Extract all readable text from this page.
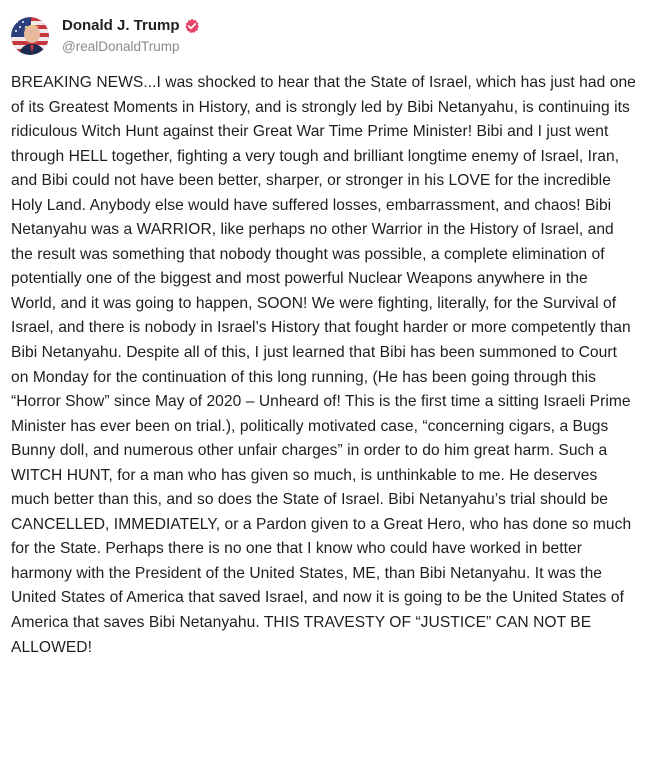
Donald J. Trump
@realDonaldTrump

BREAKING NEWS...I was shocked to hear that the State of Israel, which has just had one of its Greatest Moments in History, and is strongly led by Bibi Netanyahu, is continuing its ridiculous Witch Hunt against their Great War Time Prime Minister! Bibi and I just went through HELL together, fighting a very tough and brilliant longtime enemy of Israel, Iran, and Bibi could not have been better, sharper, or stronger in his LOVE for the incredible Holy Land. Anybody else would have suffered losses, embarrassment, and chaos! Bibi Netanyahu was a WARRIOR, like perhaps no other Warrior in the History of Israel, and the result was something that nobody thought was possible, a complete elimination of potentially one of the biggest and most powerful Nuclear Weapons anywhere in the World, and it was going to happen, SOON! We were fighting, literally, for the Survival of Israel, and there is nobody in Israel’s History that fought harder or more competently than Bibi Netanyahu. Despite all of this, I just learned that Bibi has been summoned to Court on Monday for the continuation of this long running, (He has been going through this “Horror Show” since May of 2020 – Unheard of! This is the first time a sitting Israeli Prime Minister has ever been on trial.), politically motivated case, “concerning cigars, a Bugs Bunny doll, and numerous other unfair charges” in order to do him great harm. Such a WITCH HUNT, for a man who has given so much, is unthinkable to me. He deserves much better than this, and so does the State of Israel. Bibi Netanyahu’s trial should be CANCELLED, IMMEDIATELY, or a Pardon given to a Great Hero, who has done so much for the State. Perhaps there is no one that I know who could have worked in better harmony with the President of the United States, ME, than Bibi Netanyahu. It was the United States of America that saved Israel, and now it is going to be the United States of America that saves Bibi Netanyahu. THIS TRAVESTY OF “JUSTICE” CAN NOT BE ALLOWED!
